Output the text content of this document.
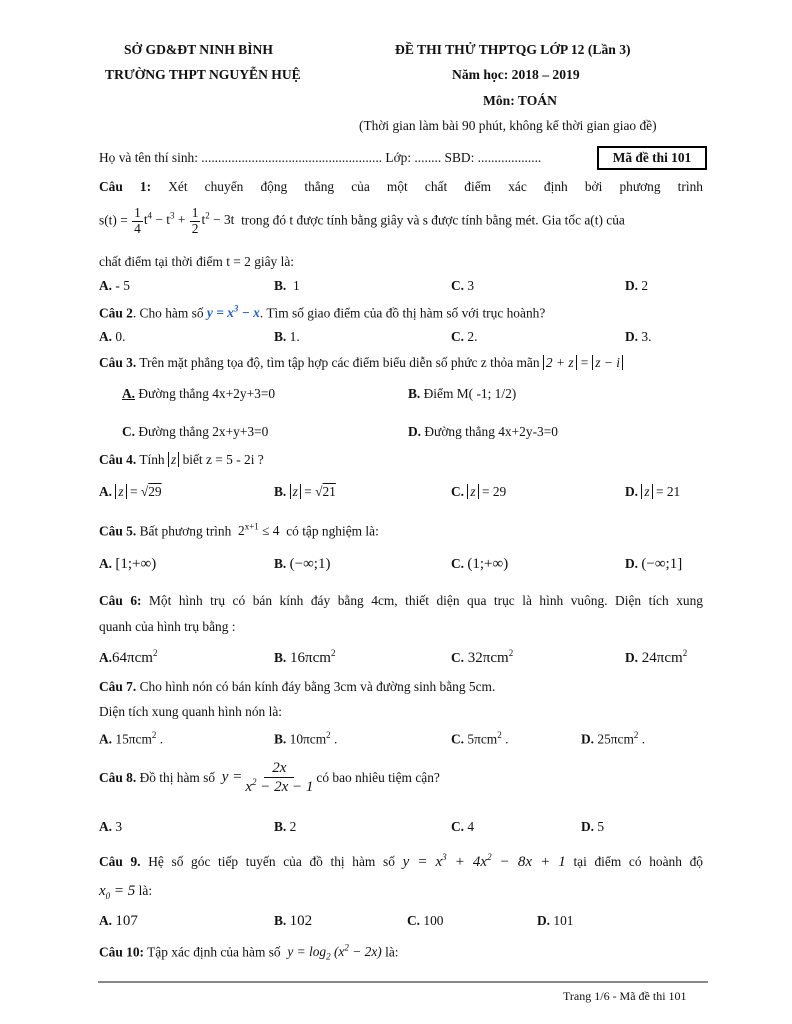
SỞ GD&ĐT NINH BÌNH
TRƯỜNG THPT NGUYỄN HUỆ
ĐỀ THI THỬ THPTQG LỚP 12 (Lần 3)
Năm học: 2018 – 2019
Môn: TOÁN
(Thời gian làm bài 90 phút, không kể thời gian giao đề)
Họ và tên thí sinh: ...................................................... Lớp: ........ SBD: ...................	Mã đề thi 101
Câu 1: Xét chuyển động thẳng của một chất điểm xác định bởi phương trình
$s(t) = \frac{1}{4} t^4 - t^3 + \frac{1}{2} t^2 - 3t$  trong đó t được tính bằng giây và s được tính bằng mét. Gia tốc a(t) của
chất điểm tại thời điểm t = 2 giây là:
A. - 5	B. 1	C. 3	D. 2
Câu 2. Cho hàm số $y = x^3 - x$. Tìm số giao điểm của đồ thị hàm số với trục hoành?
A. 0.	B. 1.	C. 2.	D. 3.
Câu 3. Trên mặt phẳng tọa độ, tìm tập hợp các điểm biểu diễn số phức z thỏa mãn 2 + z = z − i
A. Đường thẳng 4x+2y+3=0	B. Điểm M( -1; 1/2)
C. Đường thẳng 2x+y+3=0	D. Đường thẳng 4x+2y-3=0
Câu 4. Tính z biết z = 5 - 2i ?
A. z = √29	B. z = √21	C. z = 29	D. z = 21
Câu 5. Bất phương trình $2^{x+1} \le 4$ có tập nghiệm là:
A. [1;+∞)	B. (−∞;1)	C. (1;+∞)	D. (−∞;1]
Câu 6: Một hình trụ có bán kính đáy bằng 4cm, thiết diện qua trục là hình vuông. Diện tích xung
quanh của hình trụ bằng :
A.64πcm$^2$	B. 16πcm$^2$	C. 32πcm$^2$	D. 24πcm$^2$
Câu 7. Cho hình nón có bán kính đáy bằng 3cm và đường sinh bằng 5cm.
Diện tích xung quanh hình nón là:
A. 15πcm$^2$ .	B. 10πcm$^2$ .	C. 5πcm$^2$ .	D. 25πcm$^2$ .
Câu 8.
Đồ thị hàm số
$y = \frac{2x}{x^2 - 2x - 1}$ có bao nhiêu tiệm cận?
A. 3	B. 2	C. 4	D. 5
Câu 9. Hệ số góc tiếp tuyến của đồ thị hàm số $y = x^3 + 4x^2 - 8x + 1$ tại điểm có hoành độ
$x_0 = 5$ là:
A. 107	B. 102	C. 100	D. 101
Câu 10: Tập xác định của hàm số $y = \log_2 (x^2 - 2x)$ là:
Trang 1/6 - Mã đề thi 101
